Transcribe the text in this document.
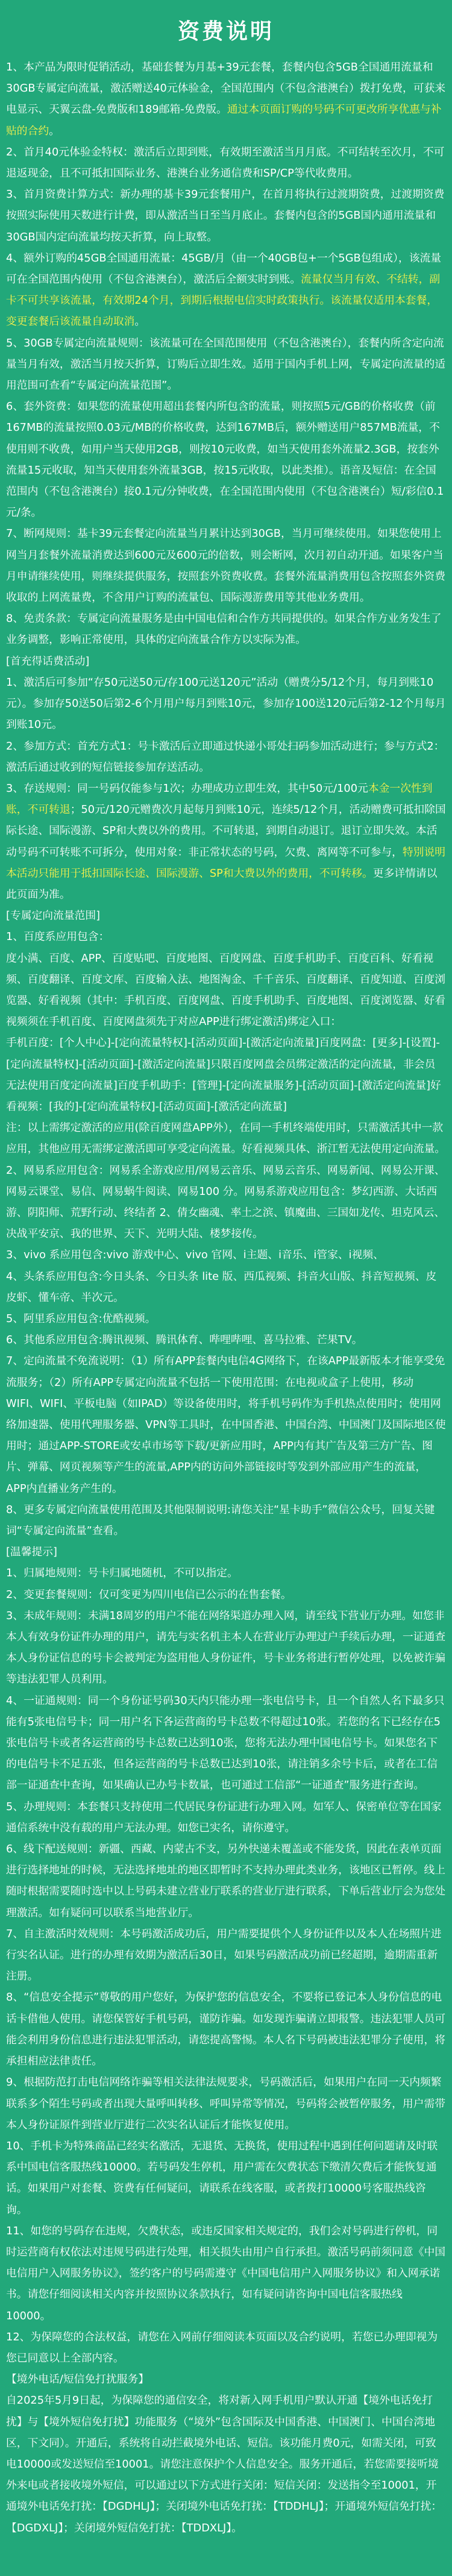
资费说明

1、本产品为限时促销活动，基础套餐为月基+39元套餐，套餐内包含5GB全国通用流量和30GB专属定向流量，激活赠送40元体验金，全国范围内（不包含港澳台）拨打免费，可获来电显示、天翼云盘-免费版和189邮箱-免费版。通过本页面订购的号码不可更改所享优惠与补贴的合约。

2、首月40元体验金特权：激活后立即到账，有效期至激活当月月底。不可结转至次月，不可退返现金，且不可抵扣国际业务、港澳台业务通信费和SP/CP等代收费用。

3、首月资费计算方式：新办理的基卡39元套餐用户，在首月将执行过渡期资费，过渡期资费按照实际使用天数进行计费，即从激活当日至当月底止。套餐内包含的5GB国内通用流量和30GB国内定向流量均按天折算，向上取整。

4、额外订购的45GB全国通用流量：45GB/月（由一个40GB包+一个5GB包组成），该流量可在全国范围内使用（不包含港澳台），激活后全额实时到账。流量仅当月有效、不结转，副卡不可共享该流量，有效期24个月，到期后根据电信实时政策执行。该流量仅适用本套餐，变更套餐后该流量自动取消。

5、30GB专属定向流量规则：该流量可在全国范围使用（不包含港澳台），套餐内所含定向流量当月有效，激活当月按天折算，订购后立即生效。适用于国内手机上网，专属定向流量的适用范围可查看“专属定向流量范围”。

6、套外资费：如果您的流量使用超出套餐内所包含的流量，则按照5元/GB的价格收费（前167MB的流量按照0.03元/MB的价格收费，达到167MB后，额外赠送用户857MB流量，不使用则不收费，如用户当天使用2GB，则按10元收费，如当天使用套外流量2.3GB，按套外流量15元收取，知当天使用套外流量3GB，按15元收取，以此类推）。语音及短信：在全国范围内（不包含港澳台）接0.1元/分钟收费，在全国范围内使用（不包含港澳台）短/彩信0.1元/条。

7、断网规则：基卡39元套餐定向流量当月累计达到30GB，当月可继续使用。如果您使用上网当月套餐外流量消费达到600元及600元的倍数，则会断网，次月初自动开通。如果客户当月申请继续使用，则继续提供服务，按照套外资费收费。套餐外流量消费用包含按照套外资费收取的上网流量费，不含用户订购的流量包、国际漫游费用等其他业务费用。

8、免责条款：专属定向流量服务是由中国电信和合作方共同提供的。如果合作方业务发生了业务调整，影响正常使用，具体的定向流量合作方以实际为准。

[首充得话费活动]

1、激活后可参加“存50元送50元/存100元送120元”活动（赠费分5/12个月，每月到账10元）。参加存50送50后第2-6个月用户每月到账10元，参加存100送120元后第2-12个月每月到账10元。

2、参加方式：首充方式1：号卡激活后立即通过快递小哥处扫码参加活动进行；参与方式2：激活后通过收到的短信链接参加存送活动。

3、存送规则：同一号码仅能参与1次；办理成功立即生效，其中50元/100元本金一次性到账，不可转退；50元/120元赠费次月起每月到账10元，连续5/12个月，活动赠费可抵扣除国际长途、国际漫游、SP和大费以外的费用。不可转退，到期自动退订。退订立即失效。本活动号码不可转账不可拆分，使用对象：非正常状态的号码，欠费、离网等不可参与，特別说明本活动只能用于抵扣国际长途、国际漫游、SP和大费以外的费用，不可转移。更多详情请以此页面为准。

[专属定向流量范围]

1、百度系应用包含：

度小满、百度、APP、百度贴吧、百度地图、百度网盘、百度手机助手、百度百科、好看视频、百度翻译、百度文库、百度输入法、地图淘金、千千音乐、百度翻译、百度知道、百度浏览器、好看视频（其中：手机百度、百度网盘、百度手机助手、百度地图、百度浏览器、好看视频须在手机百度、百度网盘须先于对应APP进行绑定激活)绑定入口：

手机百度：[个人中心]-[定向流量特权]-[活动页面]-[激活定向流量]百度网盘：[更多]-[设置]-[定向流量特权]-[活动页面]-[激活定向流量]只限百度网盘会员绑定激活的定向流量，非会员无法使用百度定向流量]百度手机助手：[管理]-[定向流量服务]-[活动页面]-[激活定向流量]好看视频：[我的]-[定向流量特权]-[活动页面]-[激活定向流量]

注：以上需绑定激活的应用(除百度网盘APP外），在同一手机终端使用时，只需激活其中一款应用，其他应用无需绑定激活即可享受定向流量。好看视频具体、浙江暂无法使用定向流量。

2、网易系应用包含：网易系全游戏应用/网易云音乐、网易云音乐、网易新闻、网易公开课、网易云课堂、易信、网易蜗牛阅读、网易100 分。网易系游戏应用包含：梦幻西游、大话西游、阴阳师、荒野行动、终结者 2、倩女幽魂、率土之滨、镇魔曲、三国如龙传、坦克风云、决战平安京、我的世界、天下、光明大陆、楼梦接传。

3、vivo 系应用包含:vivo 游戏中心、vivo 官网、i主题、i音乐、i管家、i视频、

4、头条系应用包含:今日头条、今日头条 lite 版、西瓜视频、抖音火山版、抖音短视频、皮皮虾、懂车帝、半次元。

5、阿里系应用包含:优酷视频。

6、其他系应用包含:腾讯视频、腾讯体育、哔哩哔哩、喜马拉雅、芒果TV。

7、定向流量不免流说明：（1）所有APP套餐内电信4G网络下，在该APP最新版本才能享受免流服务；（2）所有APP专属定向流量不包括一下使用范围：在电视或盒子上使用，移动WIFI、WIFI、平板电脑（如IPAD）等设备使用时，将手机号码作为手机热点使用时；使用网络加速器、使用代理服务器、VPN等工具时，在中国香港、中国台湾、中国澳门及国际地区使用时；通过APP-STORE或安卓市场等下载/更新应用时，APP内有其广告及第三方广告、图片、弹幕、网页视频等产生的流量,APP内的访问外部链接时等发到外部应用产生的流量，APP内直播业务产生的。

8、更多专属定向流量使用范围及其他限制说明:请您关注“星卡助手”微信公众号，回复关键词“专属定向流量”查看。

[温馨提示]

1、归属地规则：号卡归属地随机，不可以指定。

2、变更套餐规则：仅可变更为四川电信已公示的在售套餐。

3、未成年规则：未满18周岁的用户不能在网络渠道办理入网，请至线下营业厅办理。如您非本人有效身份证件办理的用户，请先与实名机主本人在营业厅办理过户手续后办理，一证通查本人身份证信息的号卡会被判定为盗用他人身份证件，号卡业务将进行暂停处理，以免被诈骗等违法犯罪人员利用。

4、一证通规则：同一个身份证号码30天内只能办理一张电信号卡，且一个自然人名下最多只能有5张电信号卡；同一用户名下各运营商的号卡总数不得超过10张。若您的名下已经存在5张电信号卡或者各运营商的号卡总数已达到10张，您将无法办理中国电信号卡。如果您名下的电信号卡不足五张，但各运营商的号卡总数已达到10张，请注销多余号卡后，或者在工信部一证通查中查询，如果确认已办号卡数量，也可通过工信部“一证通查”服务进行查询。

5、办理规则：本套餐只支持使用二代居民身份证进行办理入网。如军人、保密单位等在国家通信系统中没有载的用户无法办理。如您已实名，请你遵守。

6、线下配送规则：新疆、西藏、内蒙古不支，另外快递未覆盖或不能发货，因此在表单页面进行选择地址的时候，无法选择地址的地区即暂时不支持办理此类业务，该地区已暂停。线上随时根据需要随时选中以上号码未建立营业厅联系的营业厅进行联系，下单后营业厅会为您处理激活。如有疑问可以联系当地营业厅。

7、自主激活时效规则：本号码激活成功后，用户需要提供个人身份证件以及本人在场照片进行实名认证。进行的办理有效期为激活后30日，如果号码激活成功前已经超期，逾期需重新注册。

8、“信息安全提示”尊敬的用户您好，为保护您的信息安全，不要将已登记本人身份信息的电话卡借他人使用。请您保管好手机号码，谨防诈骗。如发现诈骗请立即报警。违法犯罪人员可能会利用身份信息进行违法犯罪活动，请您提高警惕。本人名下号码被违法犯罪分子使用，将承担相应法律责任。

9、根据防范打击电信网络诈骗等相关法律法规要求，号码激活后，如果用户在同一天内频繁联系多个陌生号码或者出现大量呼叫转移、呼叫异常等情况，号码将会被暂停服务，用户需带本人身份证原件到营业厅进行二次实名认证后才能恢复使用。

10、手机卡为特殊商品已经实名激活，无退货、无换货，使用过程中遇到任何问题请及时联系中国电信客服热线10000。若号码发生停机，用户需在欠费状态下缴清欠费后才能恢复通话。如果用户对套餐、资费有任何疑问，请联系在线客服，或者拨打10000号客服热线咨询。

11、如您的号码存在违规，欠费状态，或违反国家相关规定的，我们会对号码进行停机，同时运营商有权依法对违规号码进行处理，相关损失由用户自行承担。激活号码前须同意《中国电信用户入网服务协议》，签约客户的号码需遵守《中国电信用户入网服务协议》和入网承诺书。请您仔细阅读相关内容并按照协议条款执行，如有疑问请咨询中国电信客服热线10000。

12、为保障您的合法权益，请您在入网前仔细阅读本页面以及合约说明，若您已办理即视为您已同意以上全部内容。

【境外电话/短信免打扰服务】

自2025年5月9日起，为保障您的通信安全，将对新入网手机用户默认开通【境外电话免打扰】与【境外短信免打扰】功能服务（“境外”包含国际及中国香港、中国澳门、中国台湾地区，下文同）。开通后，系统将自动拦截境外电话、短信。该功能月费0元，如需关闭，可致电10000或发送短信至10001。请您注意保护个人信息安全。服务开通后，若您需要接听境外来电或者接收境外短信，可以通过以下方式进行关闭：短信关闭：发送指令至10001，开通境外电话免打扰：【DGDHLJ】；关闭境外电话免打扰：【TDDHLJ】；开通境外短信免打扰：【DGDXLJ】；关闭境外短信免打扰：【TDDXLJ】。
